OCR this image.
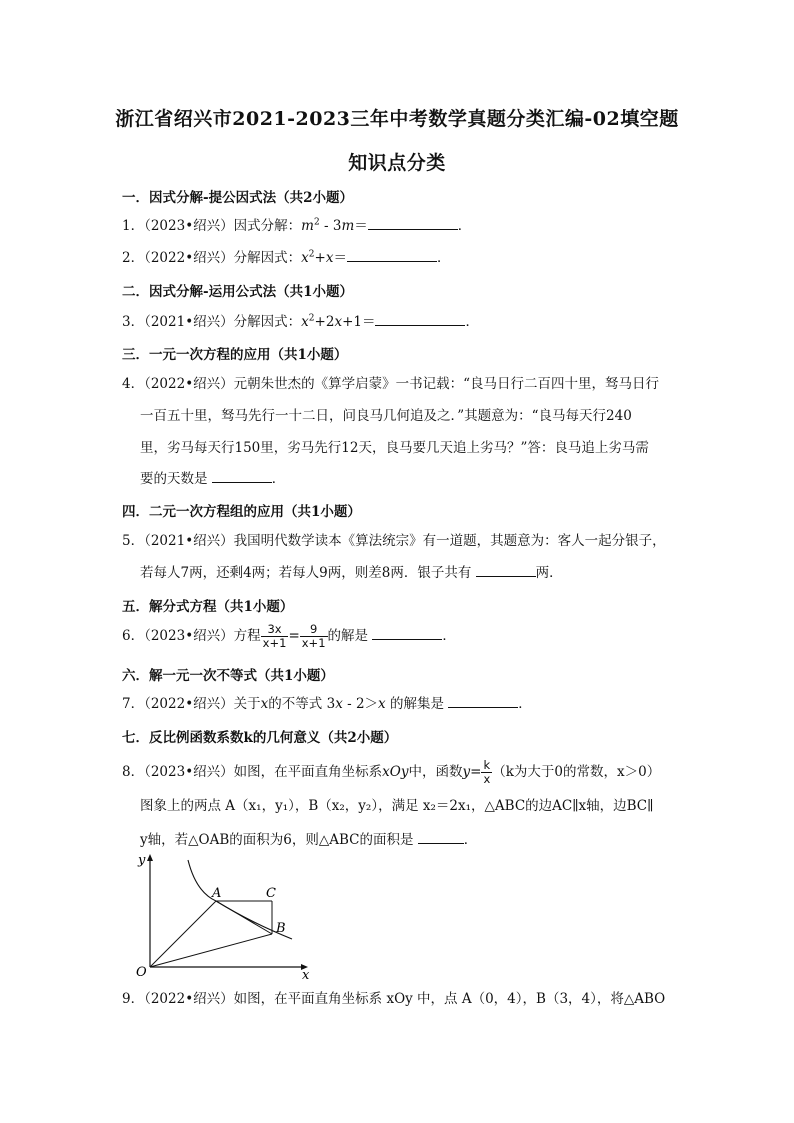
浙江省绍兴市2021-2023三年中考数学真题分类汇编-02填空题
知识点分类
一．因式分解-提公因式法（共2小题）
1．（2023•绍兴）因式分解：$m^2 - 3m=$	．
2．（2022•绍兴）分解因式：$x^2+x=$	．
二．因式分解-运用公式法（共1小题）
3．（2021•绍兴）分解因式：$x^2+2x+1=$	．
三．一元一次方程的应用（共1小题）
4．（2022•绍兴）元朝朱世杰的《算学启蒙》一书记载：“良马日行二百四十里，驽马日行
一百五十里，驽马先行一十二日，问良马几何追及之．”其题意为：“良马每天行240
里，劣马每天行150里，劣马先行12天，良马要几天追上劣马？”答：良马追上劣马需
要的天数是	．
四．二元一次方程组的应用（共1小题）
5．（2021•绍兴）我国明代数学读本《算法统宗》有一道题，其题意为：客人一起分银子，
若每人7两，还剩4两；若每人9两，则差8两．银子共有	两．
五．解分式方程（共1小题）
6．（2023•绍兴）方程 $\frac{3x}{x+1} = \frac{9}{x+1}$ 的解是	．
六．解一元一次不等式（共1小题）
7．（2022•绍兴）关于x的不等式 3x - 2＞x 的解集是	．
七．反比例函数系数k的几何意义（共2小题）
8．（2023•绍兴）如图，在平面直角坐标系xOy中，函数$y= \frac{k}{x} (k$为大于0的常数，x＞0）
图象上的两点 A（x₁，y₁），B（x₂，y₂），满足 x₂＝2x₁，△ABC的边AC∥x轴，边BC∥
y轴，若△OAB的面积为6，则△ABC的面积是	．
y
x
O
A	C
B
9．（2022•绍兴）如图，在平面直角坐标系 xOy 中，点 A（0，4），B（3，4），将△ABO
